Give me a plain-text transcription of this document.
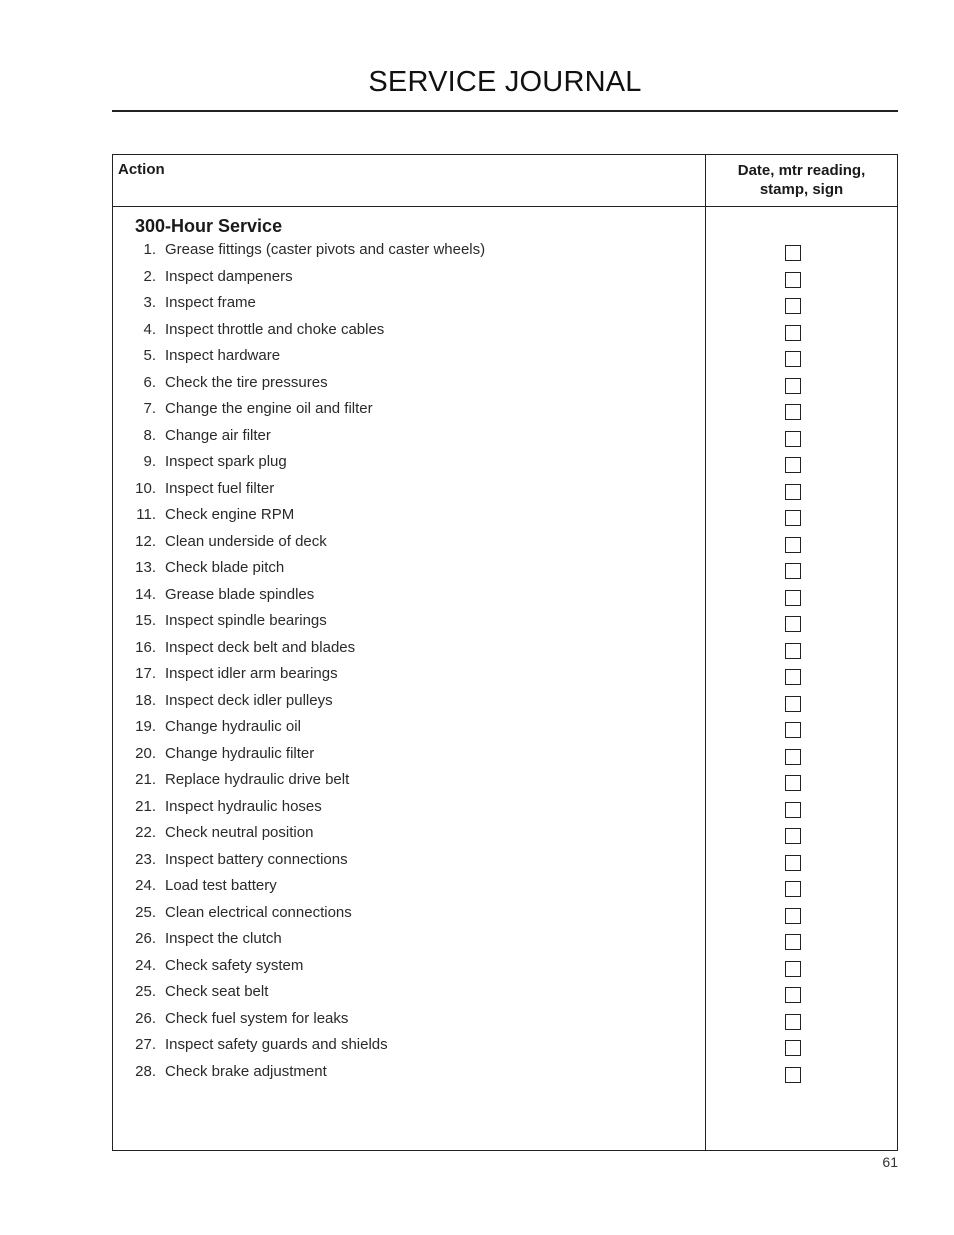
SERVICE JOURNAL
Action	Date, mtr reading,
stamp, sign
300-Hour Service
1. Grease fittings (caster pivots and caster wheels)
2. Inspect dampeners
3. Inspect frame
4. Inspect throttle and choke cables
5. Inspect hardware
6. Check the tire pressures
7. Change the engine oil and filter
8. Change air filter
9. Inspect spark plug
10. Inspect fuel filter
11. Check engine RPM
12. Clean underside of deck
13. Check blade pitch
14. Grease blade spindles
15. Inspect spindle bearings
16. Inspect deck belt and blades
17. Inspect idler arm bearings
18. Inspect deck idler pulleys
19. Change hydraulic oil
20. Change hydraulic filter
21. Replace hydraulic drive belt
21. Inspect hydraulic hoses
22. Check neutral position
23. Inspect battery connections
24. Load test battery
25. Clean electrical connections
26. Inspect the clutch
24. Check safety system
25. Check seat belt
26. Check fuel system for leaks
27. Inspect safety guards and shields
28. Check brake adjustment
61
